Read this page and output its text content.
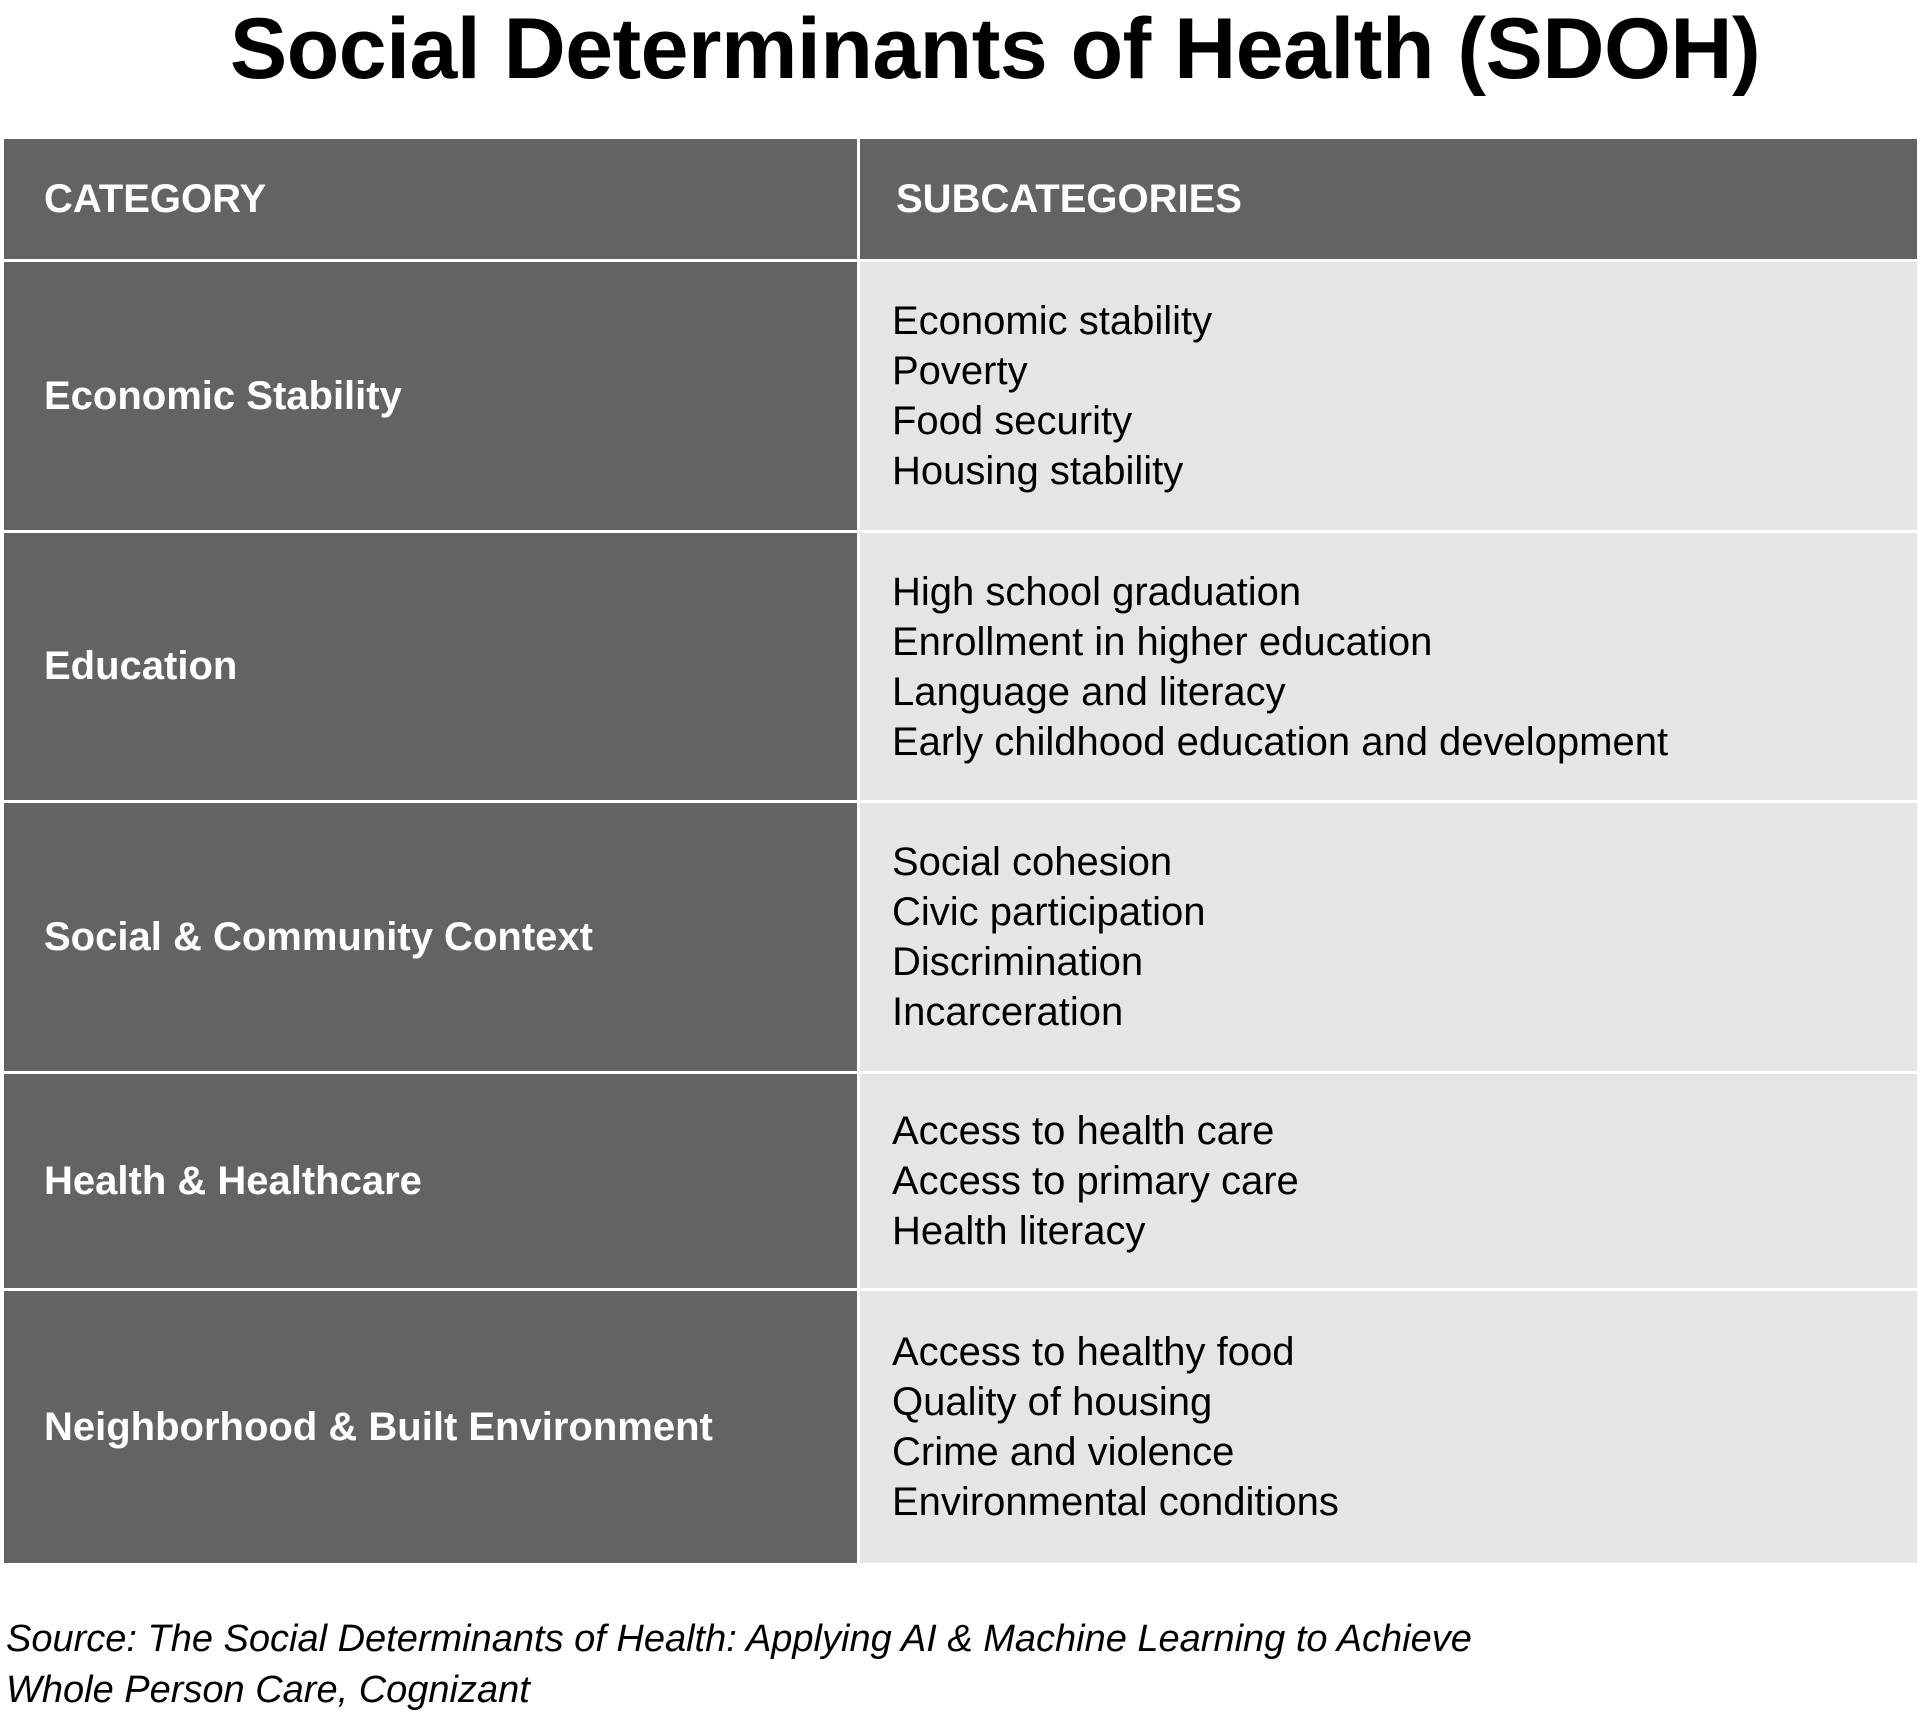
Social Determinants of Health (SDOH)
CATEGORY	SUBCATEGORIES
Economic Stability
Economic stability
Poverty
Food security
Housing stability
Education
High school graduation
Enrollment in higher education
Language and literacy
Early childhood education and development
Social & Community Context
Social cohesion
Civic participation
Discrimination
Incarceration
Health & Healthcare
Access to health care
Access to primary care
Health literacy
Neighborhood & Built Environment
Access to healthy food
Quality of housing
Crime and violence
Environmental conditions
Source: The Social Determinants of Health: Applying AI & Machine Learning to Achieve
Whole Person Care, Cognizant
